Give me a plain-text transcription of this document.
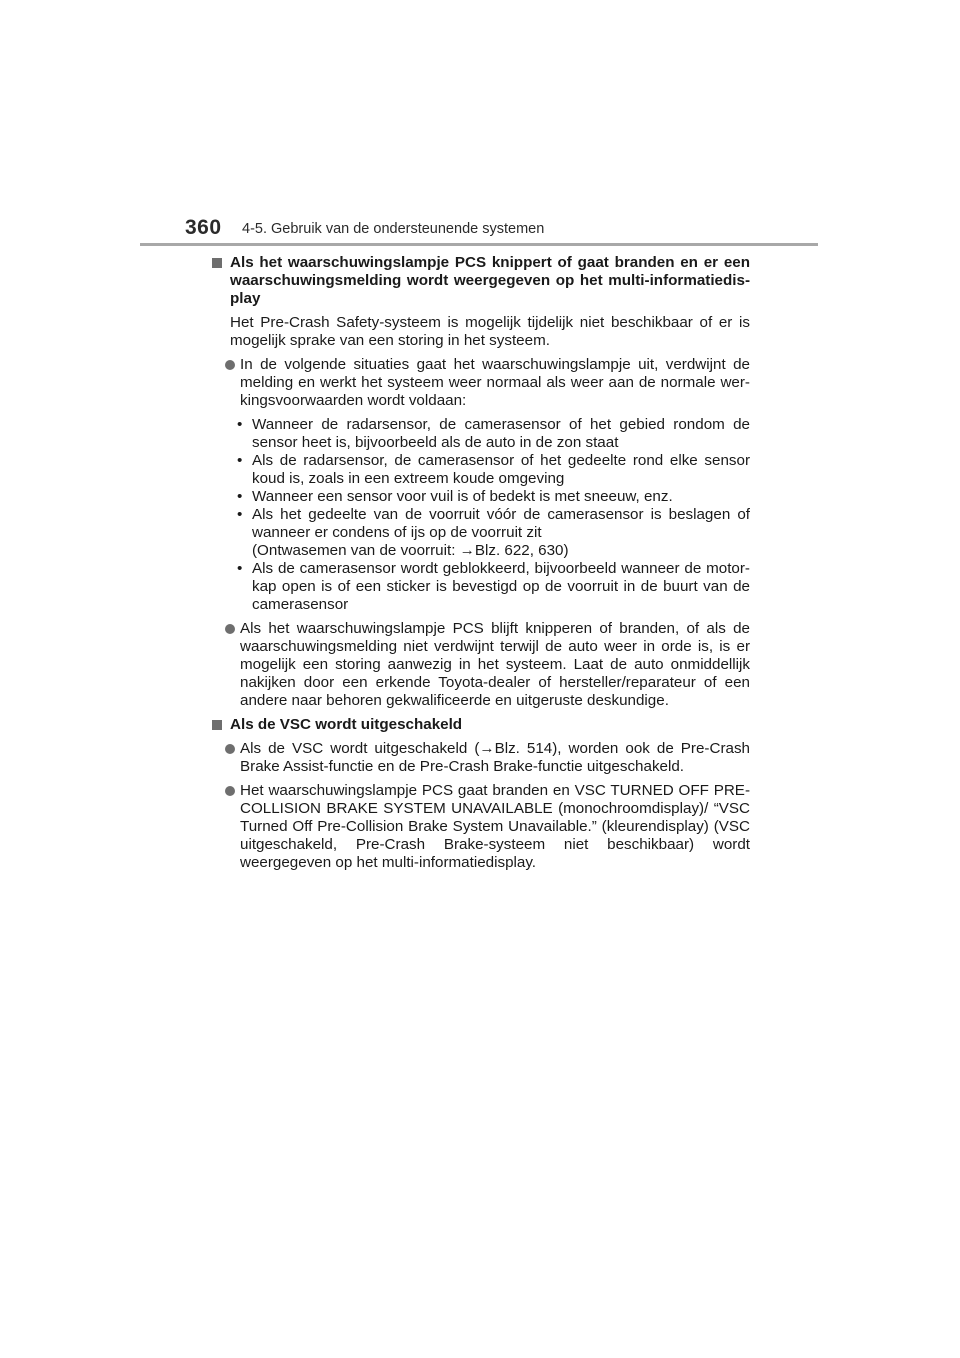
360 4-5. Gebruik van de ondersteunende systemen
Als het waarschuwingslampje PCS knippert of gaat branden en er een waarschuwingsmelding wordt weergegeven op het multi-informatiedis-play
Het Pre-Crash Safety-systeem is mogelijk tijdelijk niet beschikbaar of er is mogelijk sprake van een storing in het systeem.
In de volgende situaties gaat het waarschuwingslampje uit, verdwijnt de melding en werkt het systeem weer normaal als weer aan de normale wer-kingsvoorwaarden wordt voldaan:
• Wanneer de radarsensor, de camerasensor of het gebied rondom de sensor heet is, bijvoorbeeld als de auto in de zon staat
• Als de radarsensor, de camerasensor of het gedeelte rond elke sensor koud is, zoals in een extreem koude omgeving
• Wanneer een sensor voor vuil is of bedekt is met sneeuw, enz.
• Als het gedeelte van de voorruit vóór de camerasensor is beslagen of wanneer er condens of ijs op de voorruit zit
(Ontwasemen van de voorruit: →Blz. 622, 630)
• Als de camerasensor wordt geblokkeerd, bijvoorbeeld wanneer de motor-kap open is of een sticker is bevestigd op de voorruit in de buurt van de camerasensor
Als het waarschuwingslampje PCS blijft knipperen of branden, of als de waarschuwingsmelding niet verdwijnt terwijl de auto weer in orde is, is er mogelijk een storing aanwezig in het systeem. Laat de auto onmiddellijk nakijken door een erkende Toyota-dealer of hersteller/reparateur of een andere naar behoren gekwalificeerde en uitgeruste deskundige.
Als de VSC wordt uitgeschakeld
Als de VSC wordt uitgeschakeld (→Blz. 514), worden ook de Pre-Crash Brake Assist-functie en de Pre-Crash Brake-functie uitgeschakeld.
Het waarschuwingslampje PCS gaat branden en VSC TURNED OFF PRE-COLLISION BRAKE SYSTEM UNAVAILABLE (monochroomdisplay)/ “VSC Turned Off Pre-Collision Brake System Unavailable.” (kleurendisplay) (VSC uitgeschakeld, Pre-Crash Brake-systeem niet beschikbaar) wordt weergegeven op het multi-informatiedisplay.
